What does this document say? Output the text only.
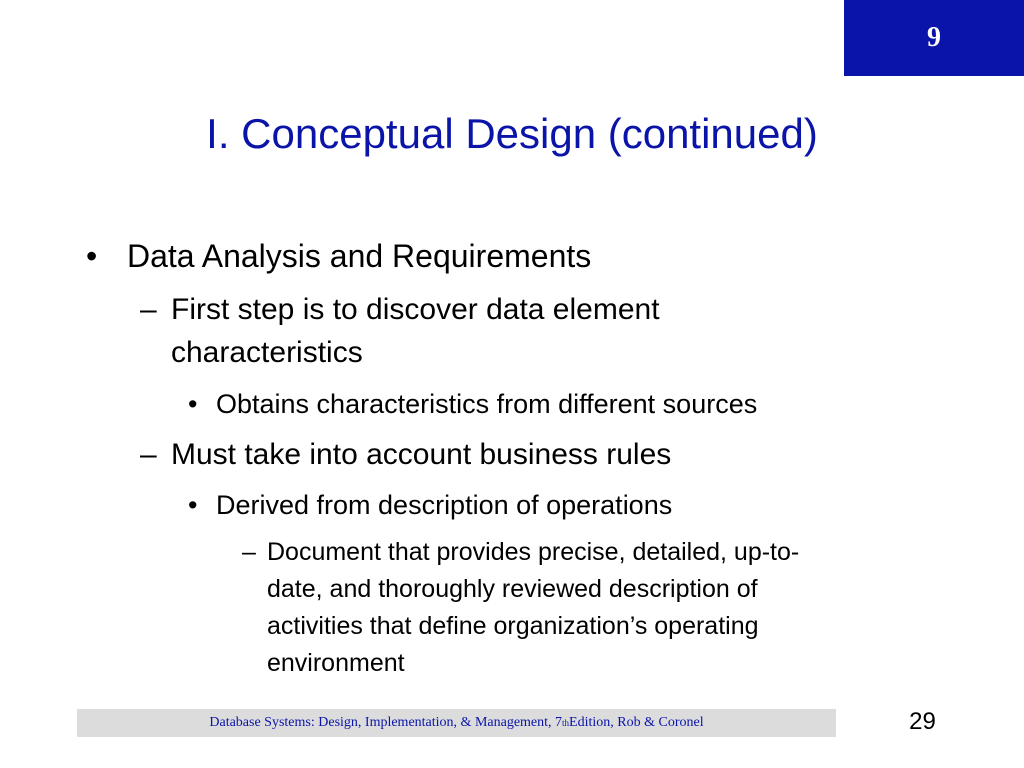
9
I. Conceptual Design (continued)
• Data Analysis and Requirements
– First step is to discover data element
characteristics
• Obtains characteristics from different sources
– Must take into account business rules
• Derived from description of operations
– Document that provides precise, detailed, up-to-
date, and thoroughly reviewed description of
activities that define organization’s operating
environment
Database Systems: Design, Implementation, & Management, 7 th Edition, Rob & Coronel	29
